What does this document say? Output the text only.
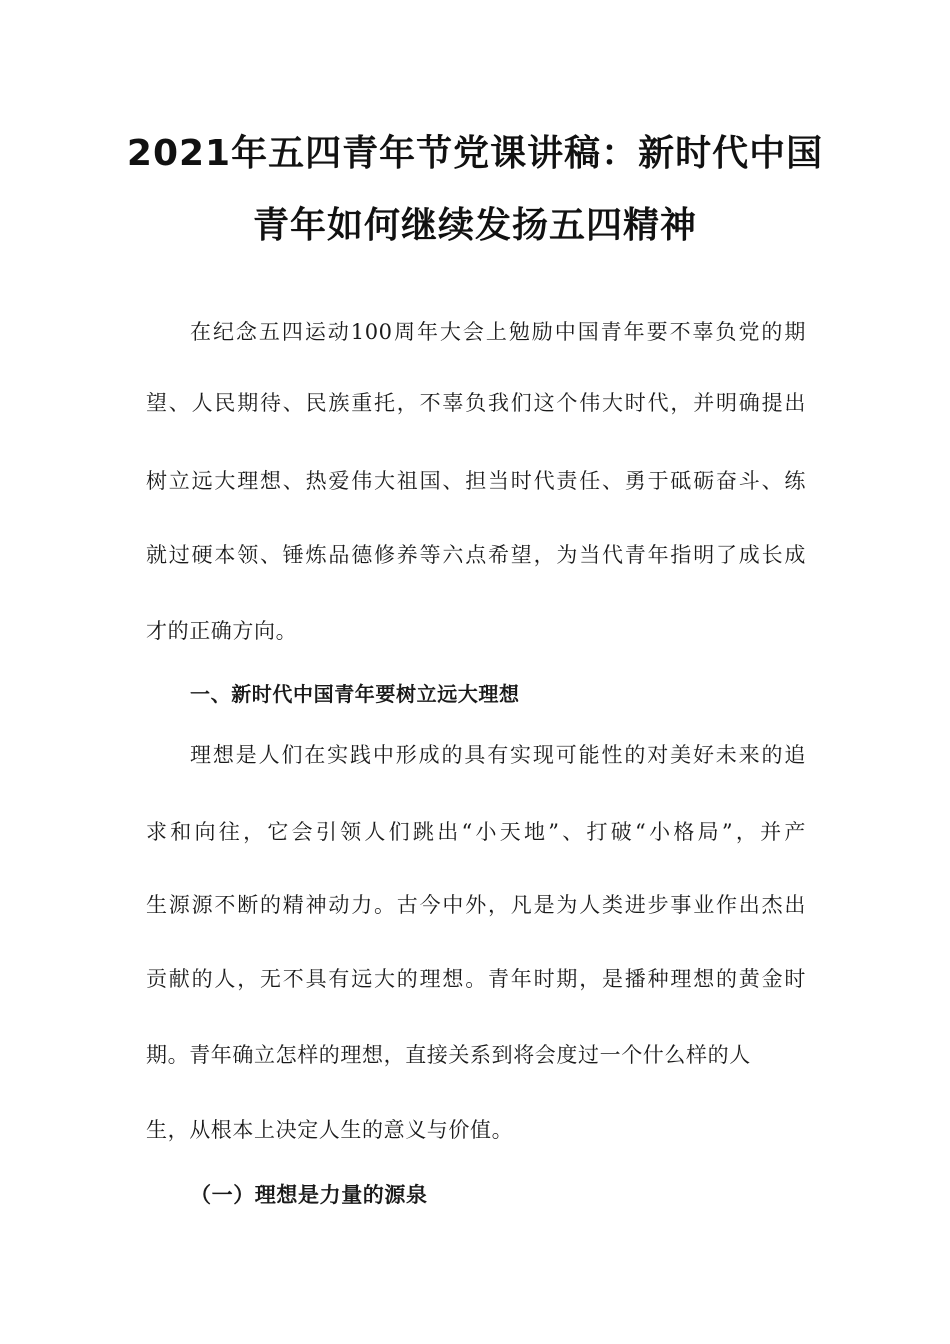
2021年五四青年节党课讲稿：新时代中国
青年如何继续发扬五四精神

在纪念五四运动100周年大会上勉励中国青年要不辜负党的期

望、人民期待、民族重托，不辜负我们这个伟大时代，并明确提出

树立远大理想、热爱伟大祖国、担当时代责任、勇于砥砺奋斗、练

就过硬本领、锤炼品德修养等六点希望，为当代青年指明了成长成

才的正确方向。

一、新时代中国青年要树立远大理想

理想是人们在实践中形成的具有实现可能性的对美好未来的追

求和向往，它会引领人们跳出“小天地”、打破“小格局”，并产

生源源不断的精神动力。古今中外，凡是为人类进步事业作出杰出

贡献的人，无不具有远大的理想。青年时期，是播种理想的黄金时

期。青年确立怎样的理想，直接关系到将会度过一个什么样的人

生，从根本上决定人生的意义与价值。

（一）理想是力量的源泉
